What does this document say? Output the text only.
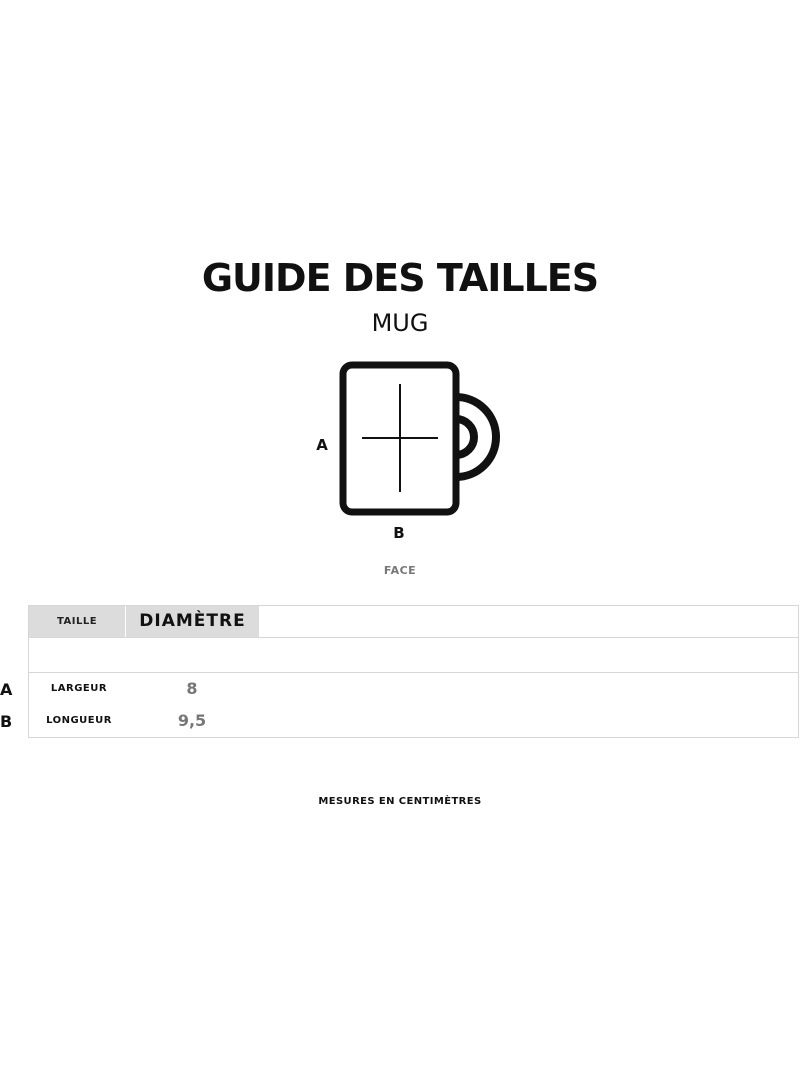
GUIDE DES TAILLES
MUG
A
B
FACE
A
B
TAILLE	DIAMÈTRE
LARGEUR	8
LONGUEUR	9,5
MESURES EN CENTIMÈTRES
